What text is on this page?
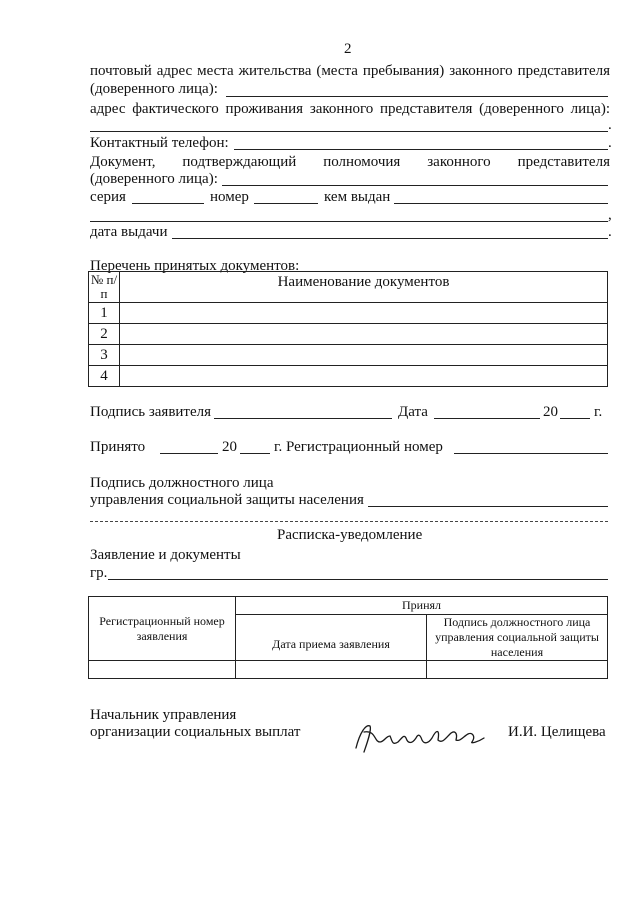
2
почтовый адрес места жительства (места пребывания) законного представителя
(доверенного лица):
адрес фактического проживания законного представителя (доверенного лица):
.
Контактный телефон:	.
Документ, подтверждающий полномочия законного представителя
(доверенного лица):
серия	номер	кем выдан
,
дата выдачи	.
Перечень принятых документов:
№ п/п	Наименование документов
1	
2	
3	
4	
Подпись заявителя	Дата	20 г.
Принято	20 г. Регистрационный номер
Подпись должностного лица
управления социальной защиты населения
Расписка-уведомление
Заявление и документы
гр.
Регистрационный номер заявления	Принял	
	Дата приема заявления	Подпись должностного лица управления социальной защиты населения

Начальник управления
организации социальных выплат	И.И. Целищева
